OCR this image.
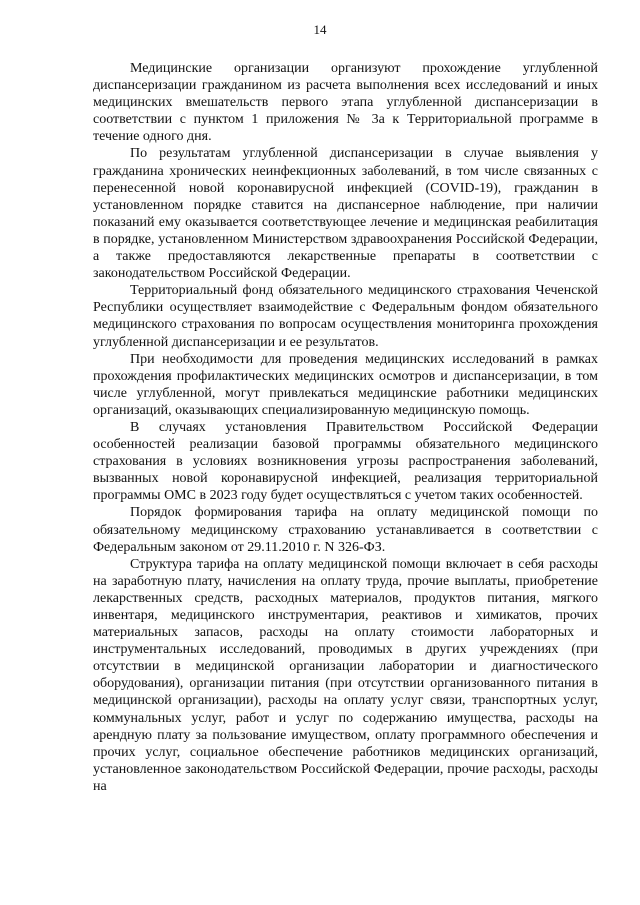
14

Медицинские организации организуют прохождение углубленной диспансеризации гражданином из расчета выполнения всех исследований и иных медицинских вмешательств первого этапа углубленной диспансеризации в соответствии с пунктом 1 приложения № 3а к Территориальной программе в течение одного дня.

По результатам углубленной диспансеризации в случае выявления у гражданина хронических неинфекционных заболеваний, в том числе связанных с перенесенной новой коронавирусной инфекцией (COVID-19), гражданин в установленном порядке ставится на диспансерное наблюдение, при наличии показаний ему оказывается соответствующее лечение и медицинская реабилитация в порядке, установленном Министерством здравоохранения Российской Федерации, а также предоставляются лекарственные препараты в соответствии с законодательством Российской Федерации.

Территориальный фонд обязательного медицинского страхования Чеченской Республики осуществляет взаимодействие с Федеральным фондом обязательного медицинского страхования по вопросам осуществления мониторинга прохождения углубленной диспансеризации и ее результатов.

При необходимости для проведения медицинских исследований в рамках прохождения профилактических медицинских осмотров и диспансеризации, в том числе углубленной, могут привлекаться медицинские работники медицинских организаций, оказывающих специализированную медицинскую помощь.

В случаях установления Правительством Российской Федерации особенностей реализации базовой программы обязательного медицинского страхования в условиях возникновения угрозы распространения заболеваний, вызванных новой коронавирусной инфекцией, реализация территориальной программы ОМС в 2023 году будет осуществляться с учетом таких особенностей.

Порядок формирования тарифа на оплату медицинской помощи по обязательному медицинскому страхованию устанавливается в соответствии с Федеральным законом от 29.11.2010 г. N 326-ФЗ.

Структура тарифа на оплату медицинской помощи включает в себя расходы на заработную плату, начисления на оплату труда, прочие выплаты, приобретение лекарственных средств, расходных материалов, продуктов питания, мягкого инвентаря, медицинского инструментария, реактивов и химикатов, прочих материальных запасов, расходы на оплату стоимости лабораторных и инструментальных исследований, проводимых в других учреждениях (при отсутствии в медицинской организации лаборатории и диагностического оборудования), организации питания (при отсутствии организованного питания в медицинской организации), расходы на оплату услуг связи, транспортных услуг, коммунальных услуг, работ и услуг по содержанию имущества, расходы на арендную плату за пользование имуществом, оплату программного обеспечения и прочих услуг, социальное обеспечение работников медицинских организаций, установленное законодательством Российской Федерации, прочие расходы, расходы на
